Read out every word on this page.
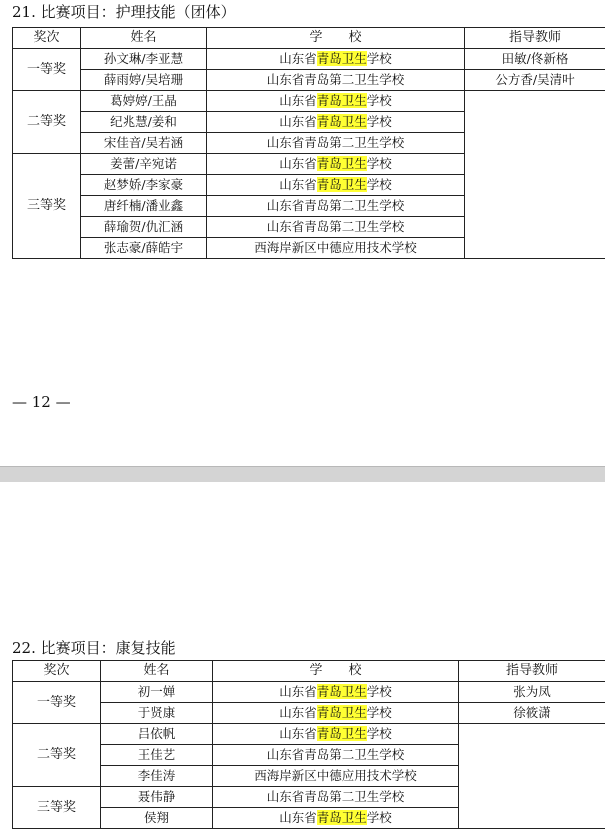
21. 比赛项目：护理技能（团体）
奖次	姓名	学　　校	指导教师
一等奖	孙文琳/李亚慧	山东省青岛卫生学校	田敏/佟新格
	薛雨婷/吴培珊	山东省青岛第二卫生学校	公方香/吴清叶
二等奖	葛婷婷/王晶	山东省青岛卫生学校	
	纪兆慧/姜和	山东省青岛卫生学校	
	宋佳音/吴若涵	山东省青岛第二卫生学校	
三等奖	姜蕾/辛宛诺	山东省青岛卫生学校	
	赵梦娇/李家豪	山东省青岛卫生学校	
	唐纤楠/潘业鑫	山东省青岛第二卫生学校	
	薛瑜贺/仇汇涵	山东省青岛第二卫生学校	
	张志豪/薛皓宇	西海岸新区中德应用技术学校	
— 12 —
22. 比赛项目：康复技能
奖次	姓名	学　　校	指导教师
一等奖	初一婵	山东省青岛卫生学校	张为凤
	于贤康	山东省青岛卫生学校	徐筱潇
二等奖	吕依帆	山东省青岛卫生学校	
	王佳艺	山东省青岛第二卫生学校	
	李佳涛	西海岸新区中德应用技术学校	
三等奖	聂伟静	山东省青岛第二卫生学校	
	侯翔	山东省青岛卫生学校	
